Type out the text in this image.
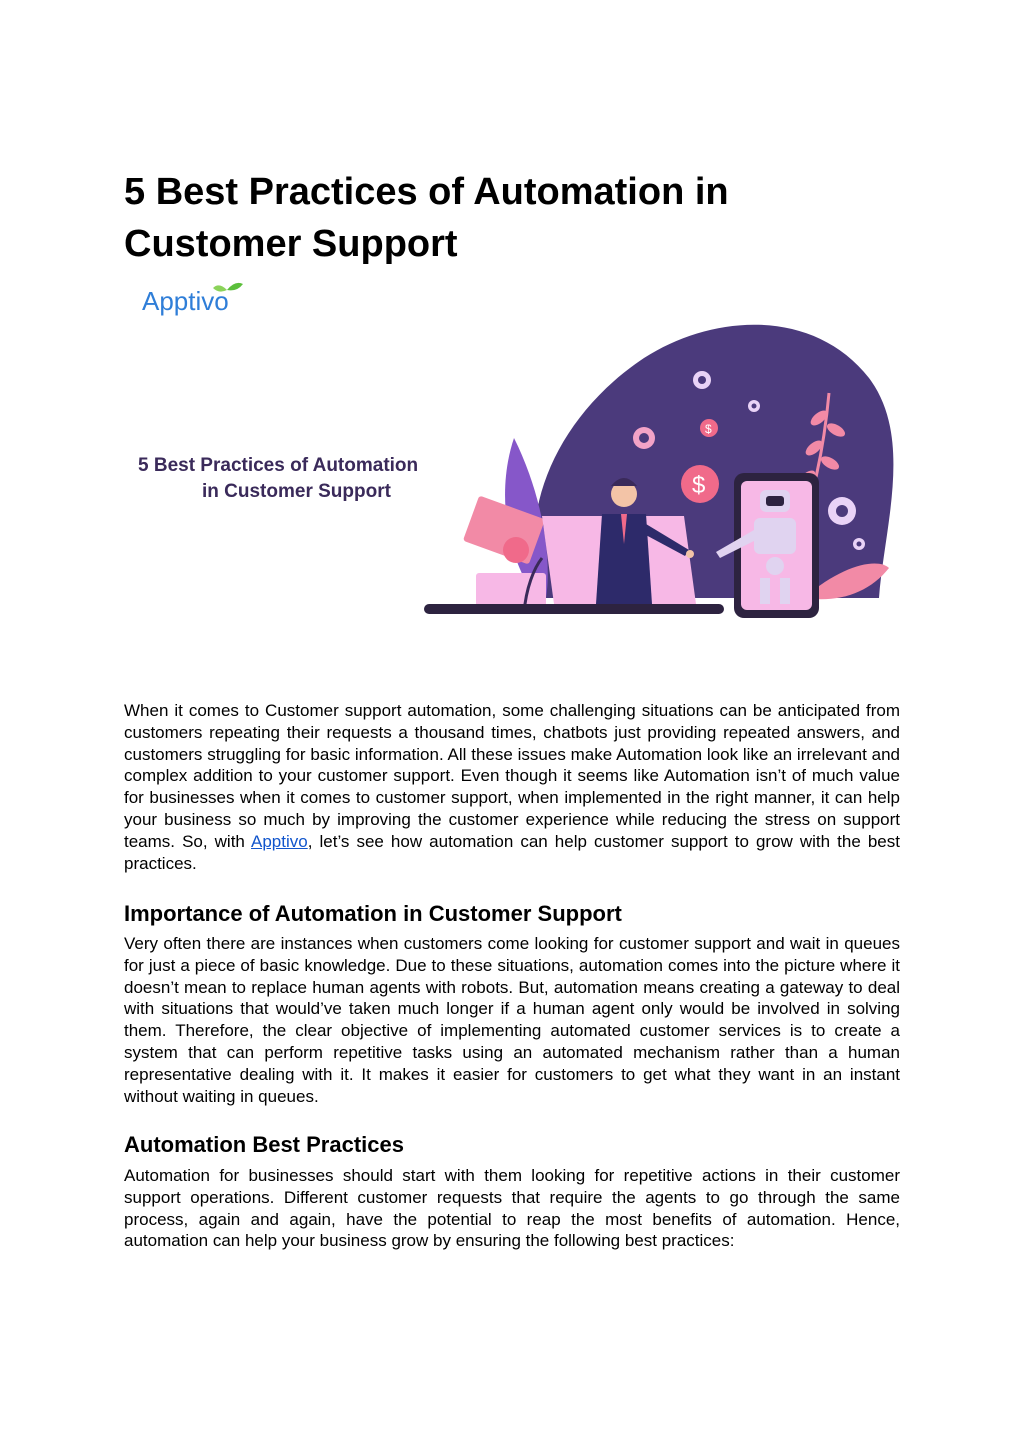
5 Best Practices of Automation in Customer Support
Apptivo
5 Best Practices of Automation
in Customer Support
$
$

When it comes to Customer support automation, some challenging situations can be anticipated from customers repeating their requests a thousand times, chatbots just providing repeated answers, and customers struggling for basic information. All these issues make Automation look like an irrelevant and complex addition to your customer support. Even though it seems like Automation isn’t of much value for businesses when it comes to customer support, when implemented in the right manner, it can help your business so much by improving the customer experience while reducing the stress on support teams. So, with Apptivo, let’s see how automation can help customer support to grow with the best practices.

Importance of Automation in Customer Support

Very often there are instances when customers come looking for customer support and wait in queues for just a piece of basic knowledge. Due to these situations, automation comes into the picture where it doesn’t mean to replace human agents with robots. But, automation means creating a gateway to deal with situations that would’ve taken much longer if a human agent only would be involved in solving them. Therefore, the clear objective of implementing automated customer services is to create a system that can perform repetitive tasks using an automated mechanism rather than a human representative dealing with it. It makes it easier for customers to get what they want in an instant without waiting in queues.

Automation Best Practices

Automation for businesses should start with them looking for repetitive actions in their customer support operations. Different customer requests that require the agents to go through the same process, again and again, have the potential to reap the most benefits of automation. Hence, automation can help your business grow by ensuring the following best practices:
